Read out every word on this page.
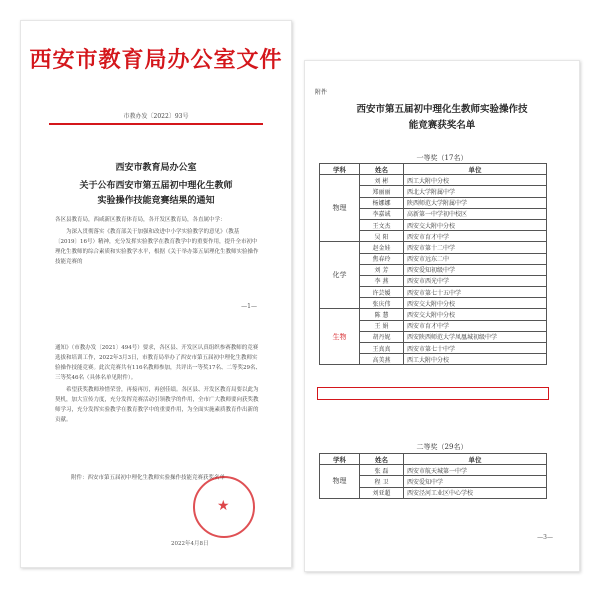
西安市教育局办公室文件
市教办发〔2022〕93号
西安市教育局办公室
关于公布西安市第五届初中理化生教师
实验操作技能竞赛结果的通知

各区县教育局，西咸新区教育体育局，各开发区教育局，各直属中学：

为深入贯彻落实《教育部关于加强和改进中小学实验教学的意见》（教基〔2019〕16号）精神，充分发挥实验教学在教育教学中的重要作用，提升全市初中理化生教师的综合素质和实验教学水平，根据《关于举办第五届理化生教师实验操作技能竞赛的

—1—

通知》（市教办发〔2021〕494号）要求，各区县、开发区认真组织参赛教师的竞赛选拔和培训工作，2022年3月3日，市教育局举办了西安市第五届初中理化生教师实验操作技能竞赛。此次竞赛共有116名教师参加，共评出一等奖17名、二等奖29名、三等奖46名（具体名单见附件）。

希望获奖教师珍惜荣誉，再接再厉，再创佳绩。各区县、开发区教育局要以此为契机，加大宣传力度，充分发挥竞赛活动引领教学的作用，全市广大教师要向获奖教师学习，充分发挥实验教学在教育教学中的重要作用，为全面实施素质教育作出新的贡献。

附件：西安市第五届初中理化生教师实验操作技能竞赛获奖名单

★
2022年4月8日
附件
西安市第五届初中理化生教师实验操作技
能竞赛获奖名单
一等奖（17名）
学科	姓名	单位
物理	刘 彬	西工大附中分校
	郑丽丽	西北大学附属中学
	杨娜娜	陕西师范大学附属中学
	李嘉诚	高新第一中学初中校区
	王文杰	西安交大附中分校
	吴 阳	西安市育才中学
化学	赵金娃	西安市第十二中学
	焦春玲	西安市远东二中
	刘 芳	西安爱知初级中学
	李 燕	西安市西光中学
	许芸媛	西安市第七十五中学
	张庆伟	西安交大附中分校
生物	陈 慧	西安交大附中分校
	王 娟	西安市育才中学
	胡丹妮	西安陕西师范大学凤凰城初级中学
	王真真	西安市第七十中学
	高美燕	西工大附中分校
二等奖（29名）
学科	姓名	单位
物理	张 磊	西安市航天城第一中学
	程 卫	西安爱知中学
	刘亚超	西安泾河工业区中心学校
—3—
